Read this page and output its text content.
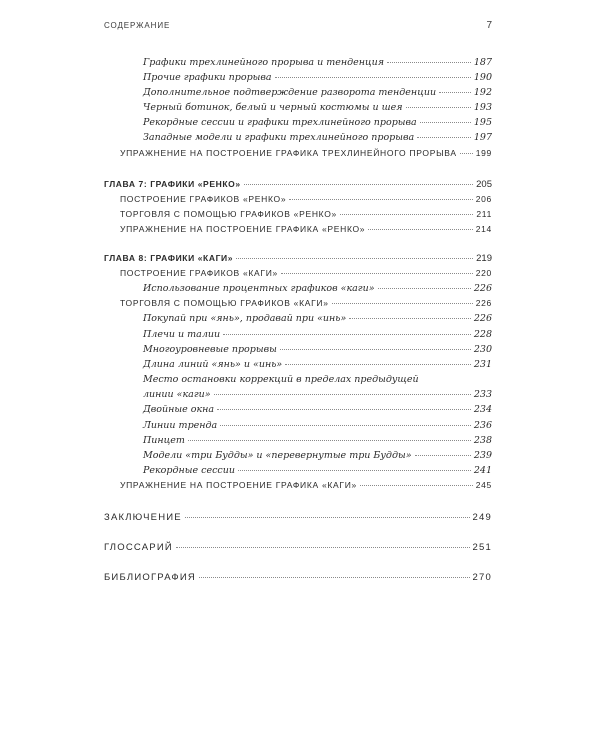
СОДЕРЖАНИЕ	7
Графики трехлинейного прорыва и тенденция	187
Прочие графики прорыва	190
Дополнительное подтверждение разворота тенденции	192
Черный ботинок, белый и черный костюмы и шея	193
Рекордные сессии и графики трехлинейного прорыва	195
Западные модели и графики трехлинейного прорыва	197
УПРАЖНЕНИЕ НА ПОСТРОЕНИЕ ГРАФИКА ТРЕХЛИНЕЙНОГО ПРОРЫВА 199
ГЛАВА 7: ГРАФИКИ «РЕНКО»	205
ПОСТРОЕНИЕ ГРАФИКОВ «РЕНКО»	206
ТОРГОВЛЯ С ПОМОЩЬЮ ГРАФИКОВ «РЕНКО»	211
УПРАЖНЕНИЕ НА ПОСТРОЕНИЕ ГРАФИКА «РЕНКО»	214
ГЛАВА 8: ГРАФИКИ «КАГИ»	219
ПОСТРОЕНИЕ ГРАФИКОВ «КАГИ»	220
Использование процентных графиков «каги»	226
ТОРГОВЛЯ С ПОМОЩЬЮ ГРАФИКОВ «КАГИ»	226
Покупай при «янь», продавай при «инь»	226
Плечи и талии	228
Многоуровневые прорывы	230
Длина линий «янь» и «инь»	231
Место остановки коррекций в пределах предыдущей
линии «каги»	233
Двойные окна	234
Линии тренда	236
Пинцет	238
Модели «три Будды» и «перевернутые три Будды»	239
Рекордные сессии	241
УПРАЖНЕНИЕ НА ПОСТРОЕНИЕ ГРАФИКА «КАГИ»	245
ЗАКЛЮЧЕНИЕ	249
ГЛОССАРИЙ	251
БИБЛИОГРАФИЯ	270
